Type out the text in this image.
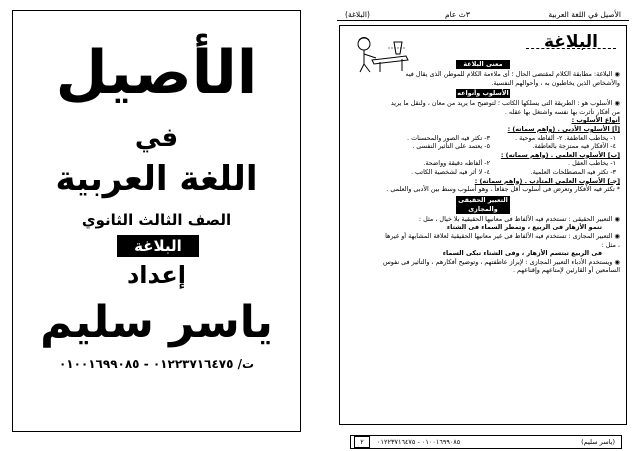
الأصيل
في
اللغة العربية
الصف الثالث الثانوي
البلاغة
إعداد
ياسر سليم
ت/ ٠١٢٢٣٧١٦٤٧٥ - ٠١٠٠١٦٩٩٠٨٥
(البلاغة)	٣ث عام	الأصيل في اللغة العربية
البلاغة
معنى البلاغة
◉ البلاغة: مطابقة الكلام لمقتضى الحال ؛ أى ملاءمة الكلام للموطن الذى يقال فيه
والأشخاص الذين يخاطبون به ، وأحوالهم النفسية.
الأسلوب وأنواعه
◉ الأسلوب هو : الطريقة التى يسلكها الكاتب ؛ لتوضيح ما يريد من معان ، ولنقل ما يريد
من أفكار تأثرت بها نفسه واشتغل بها عقله .
أنواع الأسلوب :
[أ] الأسلوب الأدبى . (واهم سماته) :
١- يخاطب العاطفة. ٢- ألفاظه موحية .
٣- تكثر فيه الصور والمحسنات .
٤- الأفكار فيه ممتزجة بالعاطفة.
٥- يعتمد على التأثير النفسى .
[ب] الأسلوب العلمى . (واهم سماته) :
١- يخاطب العقل .
٢- ألفاظه دقيقة وواضحة.
٣- تكثر فيه المصطلحات العلمية.
٤- لا أثر فيه لشخصية الكاتب .
[جـ] الأسلوب العلمى المتأدب . (واهم سماته) :
* تكثر فيه الأفكار وتعرض فى أسلوب أقل جفافاً ، وهو أسلوب وسط بين الأدبى والعلمى .
التعبير الحقيقى والمجازى
◉ التعبير الحقيقى : تستخدم فيه الألفاظ فى معانيها الحقيقية بلا خيال ، مثل :
تنمو الأزهار فى الربيع ، وتمطر السماء فى الشتاء
◉ التعبير المجازى : تستخدم فيه الألفاظ فى غير معانيها الحقيقية لعلاقة المشابهة أو غيرها
، مثل :
فى الربيع تبتسم الأزهار ، وفى الشتاء تبكى السماء
◉ ويستخدم الأدباء التعبير المجازى : لإبراز عاطفتهم ، وتوضيح أفكارهم ، والتأثير فى نفوس
السامعين أو القارئين لإمتاعهم وإقناعهم .
٢	٠١٠٠١٦٩٩٠٨٥ - ٠١٢٢٣٧١٦٤٧٥	(ياسر سليم)
